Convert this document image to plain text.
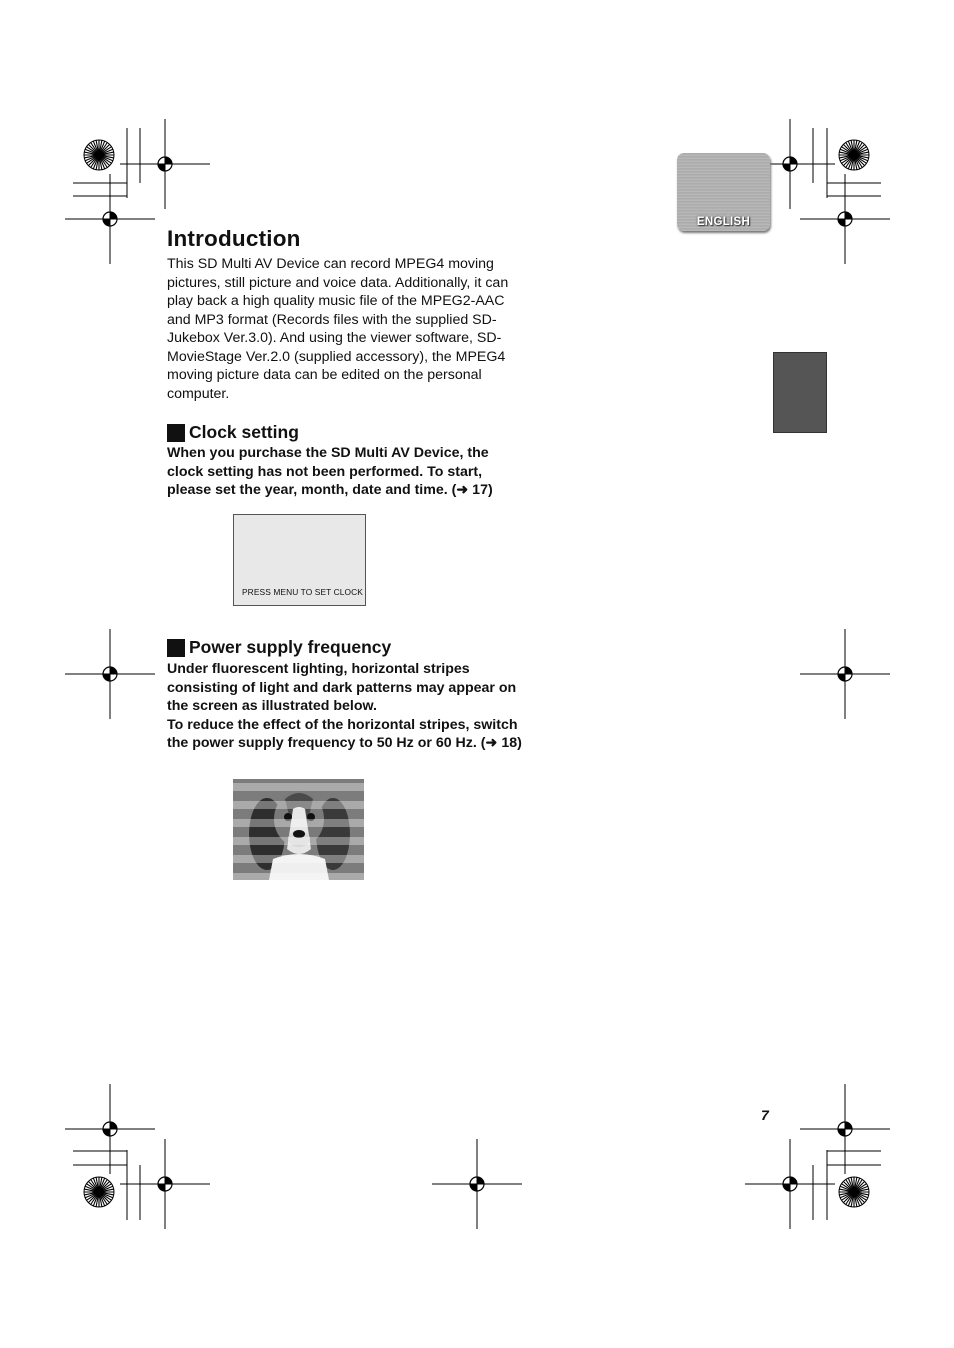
ENGLISH
Introduction

This SD Multi AV Device can record MPEG4 moving pictures, still picture and voice data. Additionally, it can play back a high quality music file of the MPEG2-AAC and MP3 format (Records files with the supplied SD- Jukebox Ver.3.0). And using the viewer software, SD-MovieStage Ver.2.0 (supplied accessory), the MPEG4 moving picture data can be edited on the personal computer.

Clock setting

When you purchase the SD Multi AV Device, the clock setting has not been performed. To start, please set the year, month, date and time. (➜ 17)

PRESS MENU TO SET CLOCK
Power supply frequency

Under fluorescent lighting, horizontal stripes consisting of light and dark patterns may appear on the screen as illustrated below.

To reduce the effect of the horizontal stripes, switch the power supply frequency to 50 Hz or 60 Hz. (➜ 18)

7
